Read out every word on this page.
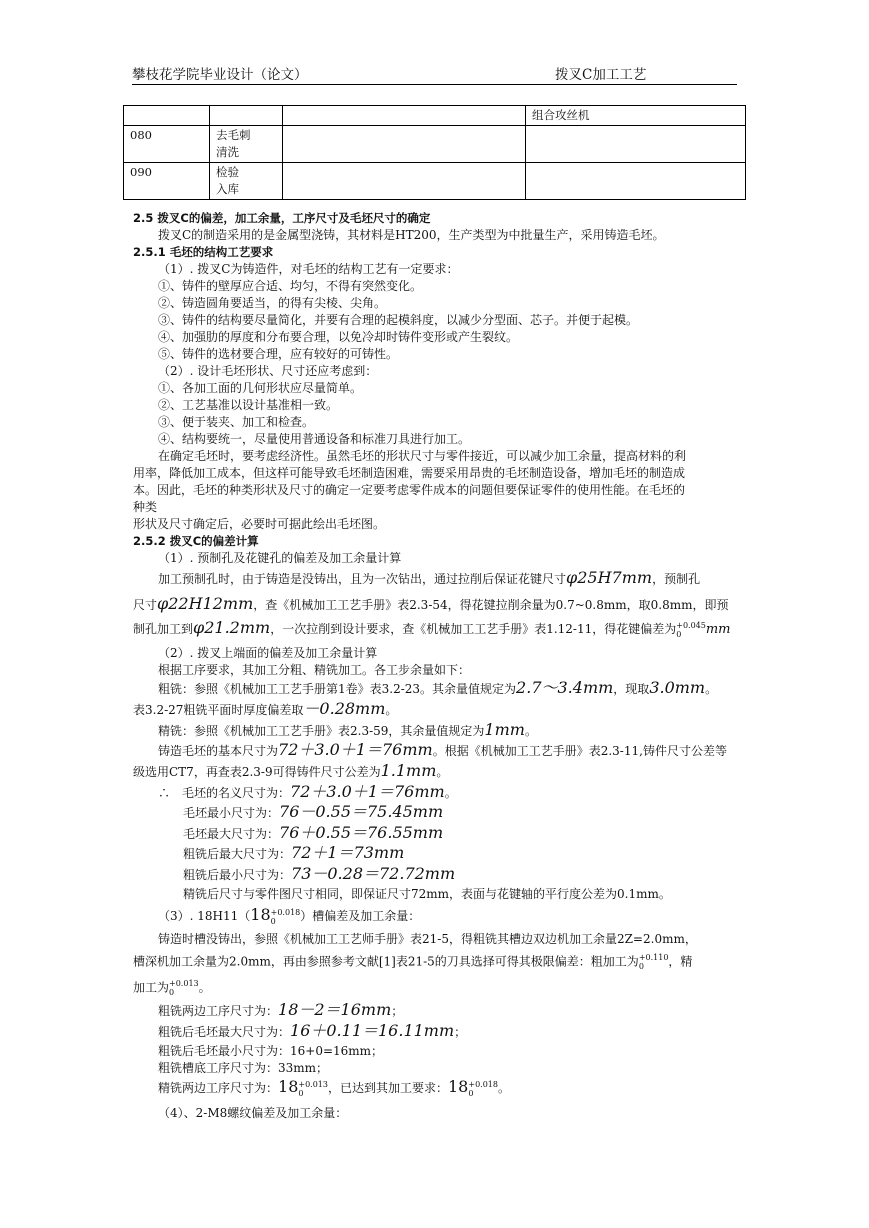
攀枝花学院毕业设计（论文）	拨叉C加工工艺
			组合攻丝机
080	去毛刺
清洗		
090	检验
入库		
2.5 拨叉C的偏差，加工余量，工序尺寸及毛坯尺寸的确定
拨叉C的制造采用的是金属型浇铸，其材料是HT200，生产类型为中批量生产，采用铸造毛坯。
2.5.1 毛坯的结构工艺要求
（1）. 拨叉C为铸造件，对毛坯的结构工艺有一定要求：
①、铸件的壁厚应合适、均匀，不得有突然变化。
②、铸造圆角要适当，的得有尖棱、尖角。
③、铸件的结构要尽量简化，并要有合理的起模斜度，以减少分型面、芯子。并便于起模。
④、加强肋的厚度和分布要合理，以免冷却时铸件变形或产生裂纹。
⑤、铸件的选材要合理，应有较好的可铸性。
（2）. 设计毛坯形状、尺寸还应考虑到：
①、各加工面的几何形状应尽量简单。
②、工艺基准以设计基准相一致。
③、便于装夹、加工和检查。
④、结构要统一，尽量使用普通设备和标准刀具进行加工。
在确定毛坯时，要考虑经济性。虽然毛坯的形状尺寸与零件接近，可以减少加工余量，提高材料的利
用率，降低加工成本，但这样可能导致毛坯制造困难，需要采用昂贵的毛坯制造设备，增加毛坯的制造成
本。因此，毛坯的种类形状及尺寸的确定一定要考虑零件成本的问题但要保证零件的使用性能。在毛坯的
种类
形状及尺寸确定后，必要时可据此绘出毛坯图。
2.5.2 拨叉C的偏差计算
（1）. 预制孔及花键孔的偏差及加工余量计算
加工预制孔时，由于铸造是没铸出，且为一次钻出，通过拉削后保证花键尺寸φ25H7mm，预制孔
尺寸φ22H12mm，查《机械加工工艺手册》表2.3-54，得花键拉削余量为0.7~0.8mm，取0.8mm，即预
制孔加工到φ21.2mm，一次拉削到设计要求，查《机械加工工艺手册》表1.12-11，得花键偏差为+0.045
0 mm
（2）. 拨叉上端面的偏差及加工余量计算
根据工序要求，其加工分粗、精铣加工。各工步余量如下：
粗铣：参照《机械加工工艺手册第1卷》表3.2-23。其余量值规定为2.7～3.4mm，现取3.0mm。
表3.2-27粗铣平面时厚度偏差取－0.28mm。
精铣：参照《机械加工工艺手册》表2.3-59，其余量值规定为1mm。
铸造毛坯的基本尺寸为72＋3.0＋1＝76mm。根据《机械加工工艺手册》表2.3-11,铸件尺寸公差等
级选用CT7，再查表2.3-9可得铸件尺寸公差为1.1mm。
∴　毛坯的名义尺寸为：72＋3.0＋1＝76mm。
毛坯最小尺寸为：76－0.55＝75.45mm
毛坯最大尺寸为：76＋0.55＝76.55mm
粗铣后最大尺寸为：72＋1＝73mm
粗铣后最小尺寸为：73－0.28＝72.72mm
精铣后尺寸与零件图尺寸相同，即保证尺寸72mm，表面与花键轴的平行度公差为0.1mm。
（3）. 18H11（18+0.018
0 ）槽偏差及加工余量：
铸造时槽没铸出，参照《机械加工工艺师手册》表21-5，得粗铣其槽边双边机加工余量2Z=2.0mm，
槽深机加工余量为2.0mm，再由参照参考文献[1]表21-5的刀具选择可得其极限偏差：粗加工为+0.110
0 ，精
加工为+0.013
0 。
粗铣两边工序尺寸为：18－2＝16mm；
粗铣后毛坯最大尺寸为：16＋0.11＝16.11mm；
粗铣后毛坯最小尺寸为：16+0=16mm；
粗铣槽底工序尺寸为：33mm；
精铣两边工序尺寸为：18+0.013
0 ，已达到其加工要求：18+0.018
0 。
（4）、2-M8螺纹偏差及加工余量：
